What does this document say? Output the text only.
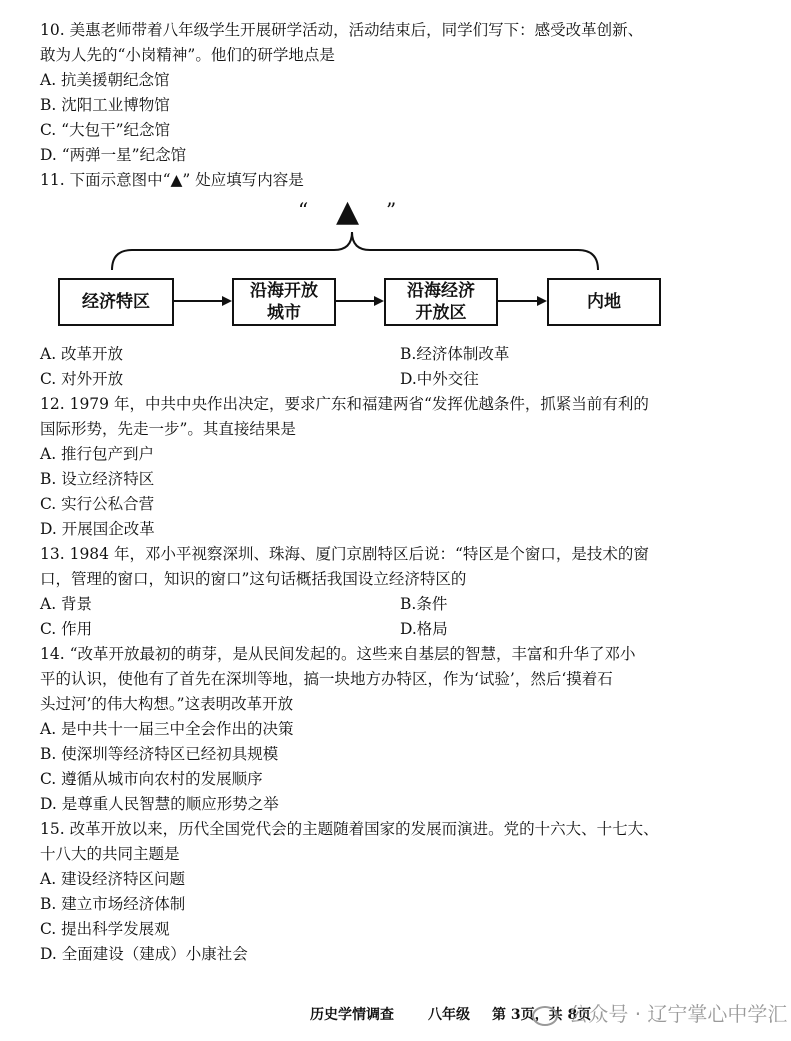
10. 美惠老师带着八年级学生开展研学活动，活动结束后，同学们写下：感受改革创新、
敢为人先的“小岗精神”。他们的研学地点是
A. 抗美援朝纪念馆
B. 沈阳工业博物馆
C. “大包干”纪念馆
D. “两弹一星”纪念馆
11. 下面示意图中“▲” 处应填写内容是
“ ▲ ”
经济特区
沿海开放
城市
沿海经济
开放区
内地
A. 改革开放	B.经济体制改革
C. 对外开放	D.中外交往
12. 1979 年，中共中央作出决定，要求广东和福建两省“发挥优越条件，抓紧当前有利的
国际形势，先走一步”。其直接结果是
A. 推行包产到户
B. 设立经济特区
C. 实行公私合营
D. 开展国企改革
13. 1984 年，邓小平视察深圳、珠海、厦门京剧特区后说：“特区是个窗口，是技术的窗
口，管理的窗口，知识的窗口”这句话概括我国设立经济特区的
A. 背景	B.条件
C. 作用	D.格局
14. “改革开放最初的萌芽，是从民间发起的。这些来自基层的智慧，丰富和升华了邓小
平的认识，使他有了首先在深圳等地，搞一块地方办特区，作为‘试验’，然后‘摸着石
头过河’的伟大构想。”这表明改革开放
A. 是中共十一届三中全会作出的决策
B. 使深圳等经济特区已经初具规模
C. 遵循从城市向农村的发展顺序
D. 是尊重人民智慧的顺应形势之举
15. 改革开放以来，历代全国党代会的主题随着国家的发展而演进。党的十六大、十七大、
十八大的共同主题是
A. 建设经济特区问题
B. 建立市场经济体制
C. 提出科学发展观
D. 全面建设（建成）小康社会
历史学情调查 八年级 第 3页，共 8页
公众号 · 辽宁掌心中学汇
